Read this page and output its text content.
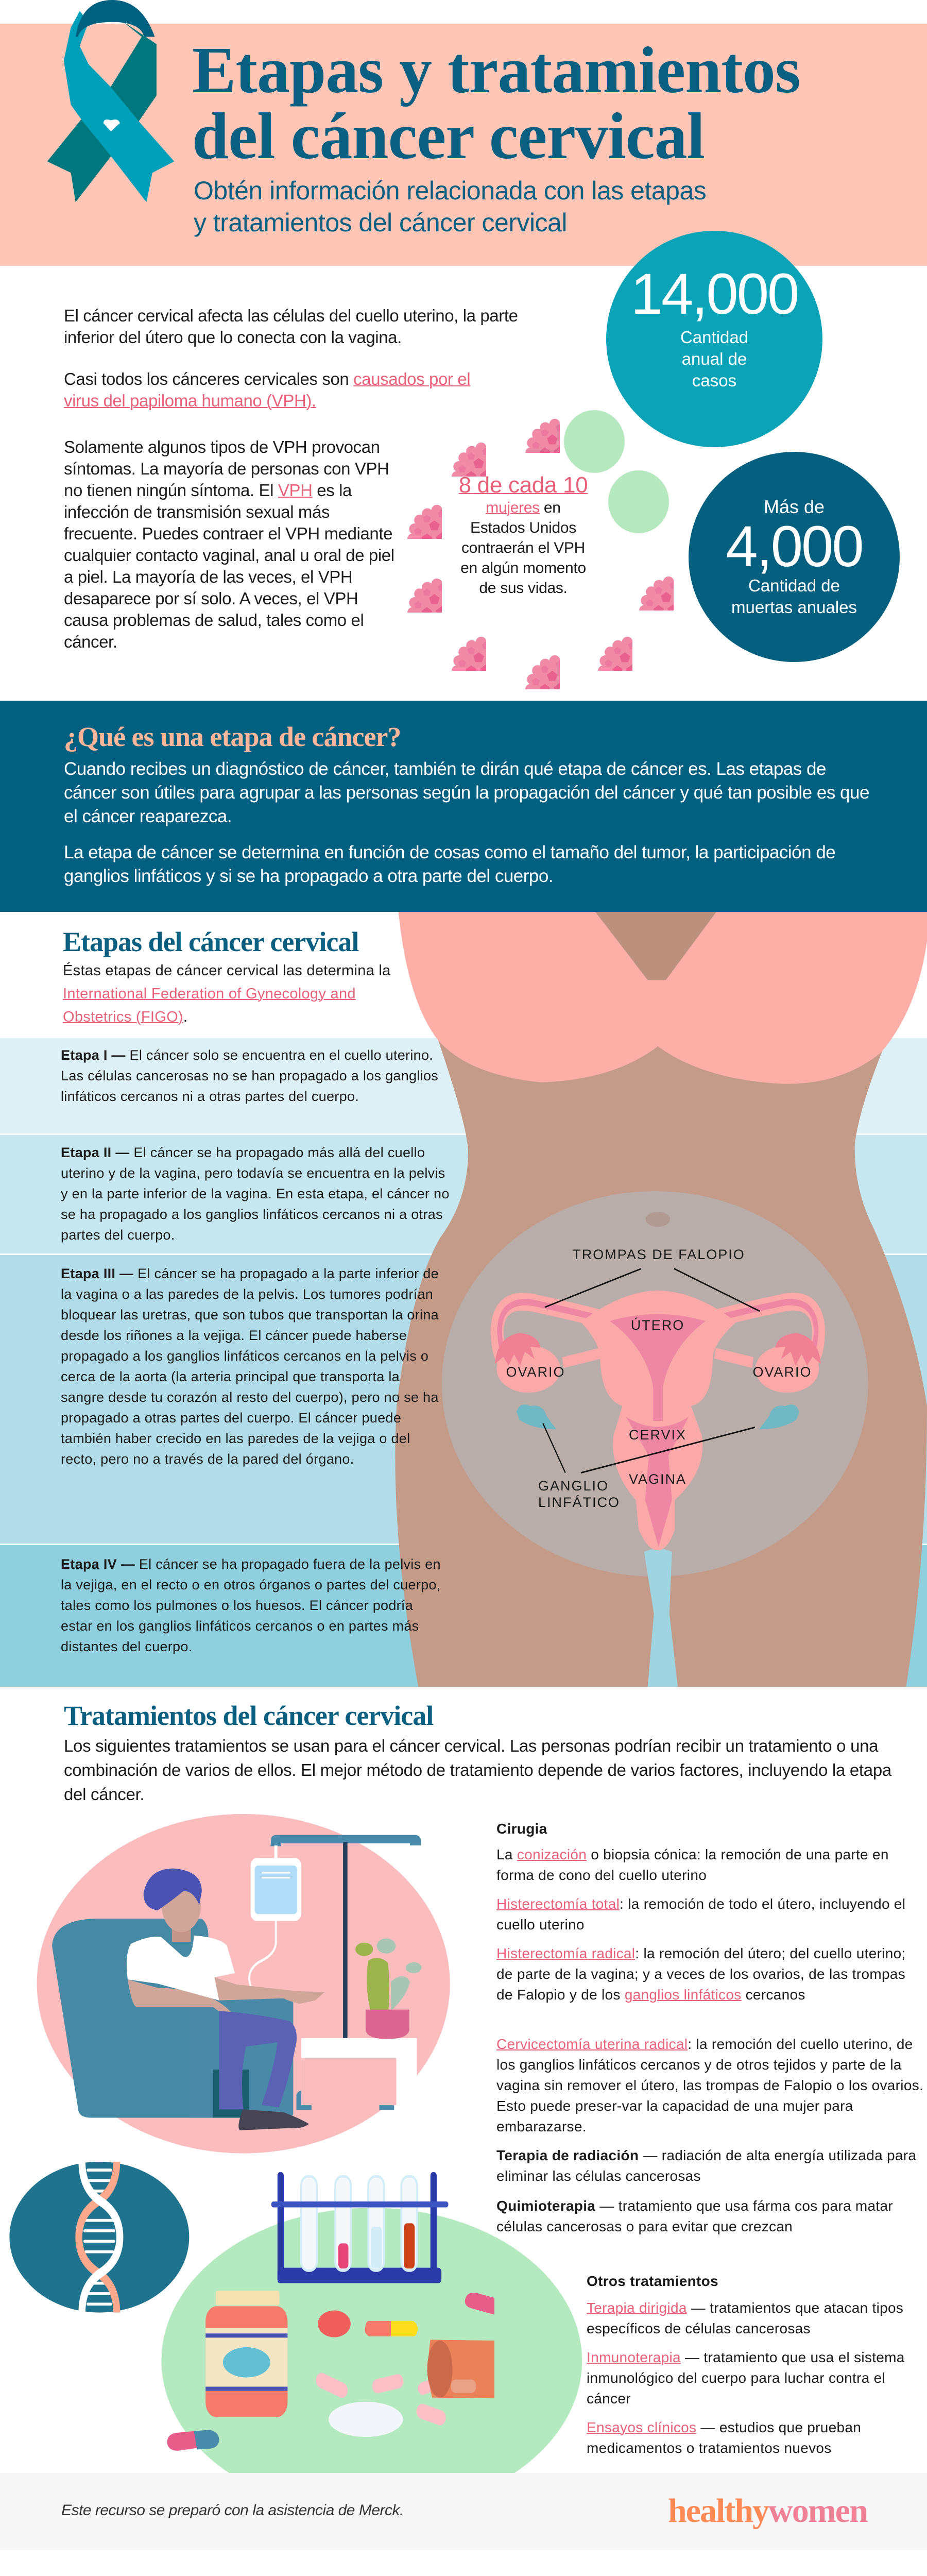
Etapas y tratamientos
del cáncer cervical
Obtén información relacionada con las etapas
y tratamientos del cáncer cervical
El cáncer cervical afecta las células del cuello uterino, la parte inferior del útero que lo conecta con la vagina.
Casi todos los cánceres cervicales son causados por el virus del papiloma humano (VPH).
Solamente algunos tipos de VPH provocan síntomas. La mayoría de personas con VPH no tienen ningún síntoma. El VPH es la infección de transmisión sexual más frecuente. Puedes contraer el VPH mediante cualquier contacto vaginal, anal u oral de piel a piel. La mayoría de las veces, el VPH desaparece por sí solo. A veces, el VPH causa problemas de salud, tales como el cáncer.
8 de cada 10
mujeres en
Estados Unidos contraerán el VPH en algún momento de sus vidas.
14,000
Cantidad anual de casos
Más de
4,000
Cantidad de muertas anuales
¿Qué es una etapa de cáncer?
Cuando recibes un diagnóstico de cáncer, también te dirán qué etapa de cáncer es. Las etapas de cáncer son útiles para agrupar a las personas según la propagación del cáncer y qué tan posible es que el cáncer reaparezca.
La etapa de cáncer se determina en función de cosas como el tamaño del tumor, la participación de ganglios linfáticos y si se ha propagado a otra parte del cuerpo.
TROMPAS DE FALOPIO
ÚTERO
OVARIO	OVARIO
CERVIX
VAGINA
GANGLIO
LINFÁTICO
Etapas del cáncer cervical
Éstas etapas de cáncer cervical las determina la International Federation of Gynecology and Obstetrics (FIGO).
Etapa I — El cáncer solo se encuentra en el cuello uterino. Las células cancerosas no se han propagado a los ganglios linfáticos cercanos ni a otras partes del cuerpo.
Etapa II — El cáncer se ha propagado más allá del cuello uterino y de la vagina, pero todavía se encuentra en la pelvis y en la parte inferior de la vagina. En esta etapa, el cáncer no se ha propagado a los ganglios linfáticos cercanos ni a otras partes del cuerpo.
Etapa III — El cáncer se ha propagado a la parte inferior de la vagina o a las paredes de la pelvis. Los tumores podrían bloquear las uretras, que son tubos que transportan la orina desde los riñones a la vejiga. El cáncer puede haberse propagado a los ganglios linfáticos cercanos en la pelvis o cerca de la aorta (la arteria principal que transporta la sangre desde tu corazón al resto del cuerpo), pero no se ha propagado a otras partes del cuerpo. El cáncer puede también haber crecido en las paredes de la vejiga o del recto, pero no a través de la pared del órgano.
Etapa IV — El cáncer se ha propagado fuera de la pelvis en la vejiga, en el recto o en otros órganos o partes del cuerpo, tales como los pulmones o los huesos. El cáncer podría estar en los ganglios linfáticos cercanos o en partes más distantes del cuerpo.
Tratamientos del cáncer cervical
Los siguientes tratamientos se usan para el cáncer cervical. Las personas podrían recibir un tratamiento o una combinación de varios de ellos. El mejor método de tratamiento depende de varios factores, incluyendo la etapa del cáncer.
Cirugia
La conización o biopsia cónica: la remoción de una parte en forma de cono del cuello uterino
Histerectomía total: la remoción de todo el útero, incluyendo el cuello uterino
Histerectomía radical: la remoción del útero; del cuello uterino; de parte de la vagina; y a veces de los ovarios, de las trompas de Falopio y de los ganglios linfáticos cercanos
Cervicectomía uterina radical: la remoción del cuello uterino, de los ganglios linfáticos cercanos y de otros tejidos y parte de la vagina sin remover el útero, las trompas de Falopio o los ovarios. Esto puede preser-var la capacidad de una mujer para embarazarse.
Terapia de radiación — radiación de alta energía utilizada para eliminar las células cancerosas
Quimioterapia — tratamiento que usa fárma cos para matar células cancerosas o para evitar que crezcan
Otros tratamientos
Terapia dirigida — tratamientos que atacan tipos específicos de células cancerosas
Inmunoterapia — tratamiento que usa el sistema inmunológico del cuerpo para luchar contra el cáncer
Ensayos clínicos — estudios que prueban medicamentos o tratamientos nuevos
Este recurso se preparó con la asistencia de Merck.	healthywomen
